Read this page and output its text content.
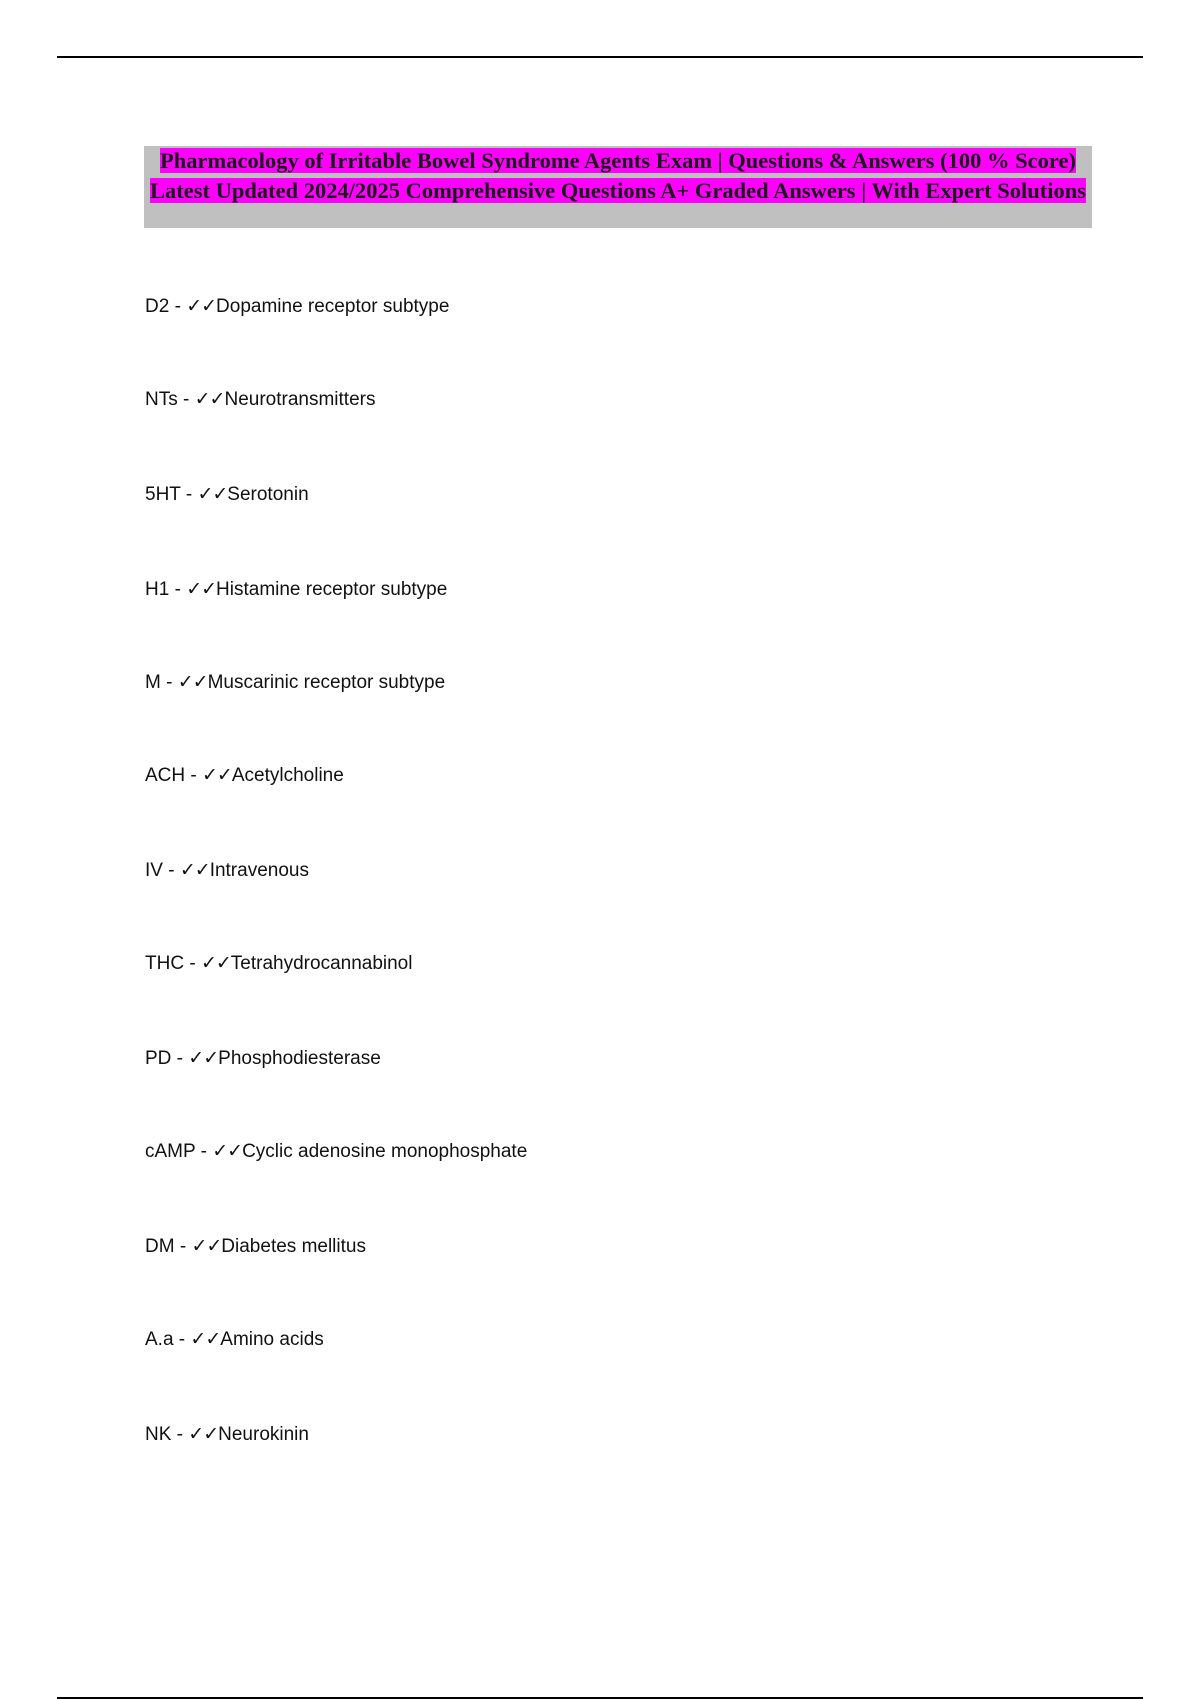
Pharmacology of Irritable Bowel Syndrome Agents Exam | Questions & Answers (100 % Score) Latest Updated 2024/2025 Comprehensive Questions A+ Graded Answers | With Expert Solutions
D2 - ✓✓Dopamine receptor subtype
NTs - ✓✓Neurotransmitters
5HT - ✓✓Serotonin
H1 - ✓✓Histamine receptor subtype
M - ✓✓Muscarinic receptor subtype
ACH - ✓✓Acetylcholine
IV - ✓✓Intravenous
THC - ✓✓Tetrahydrocannabinol
PD - ✓✓Phosphodiesterase
cAMP - ✓✓Cyclic adenosine monophosphate
DM - ✓✓Diabetes mellitus
A.a - ✓✓Amino acids
NK - ✓✓Neurokinin
